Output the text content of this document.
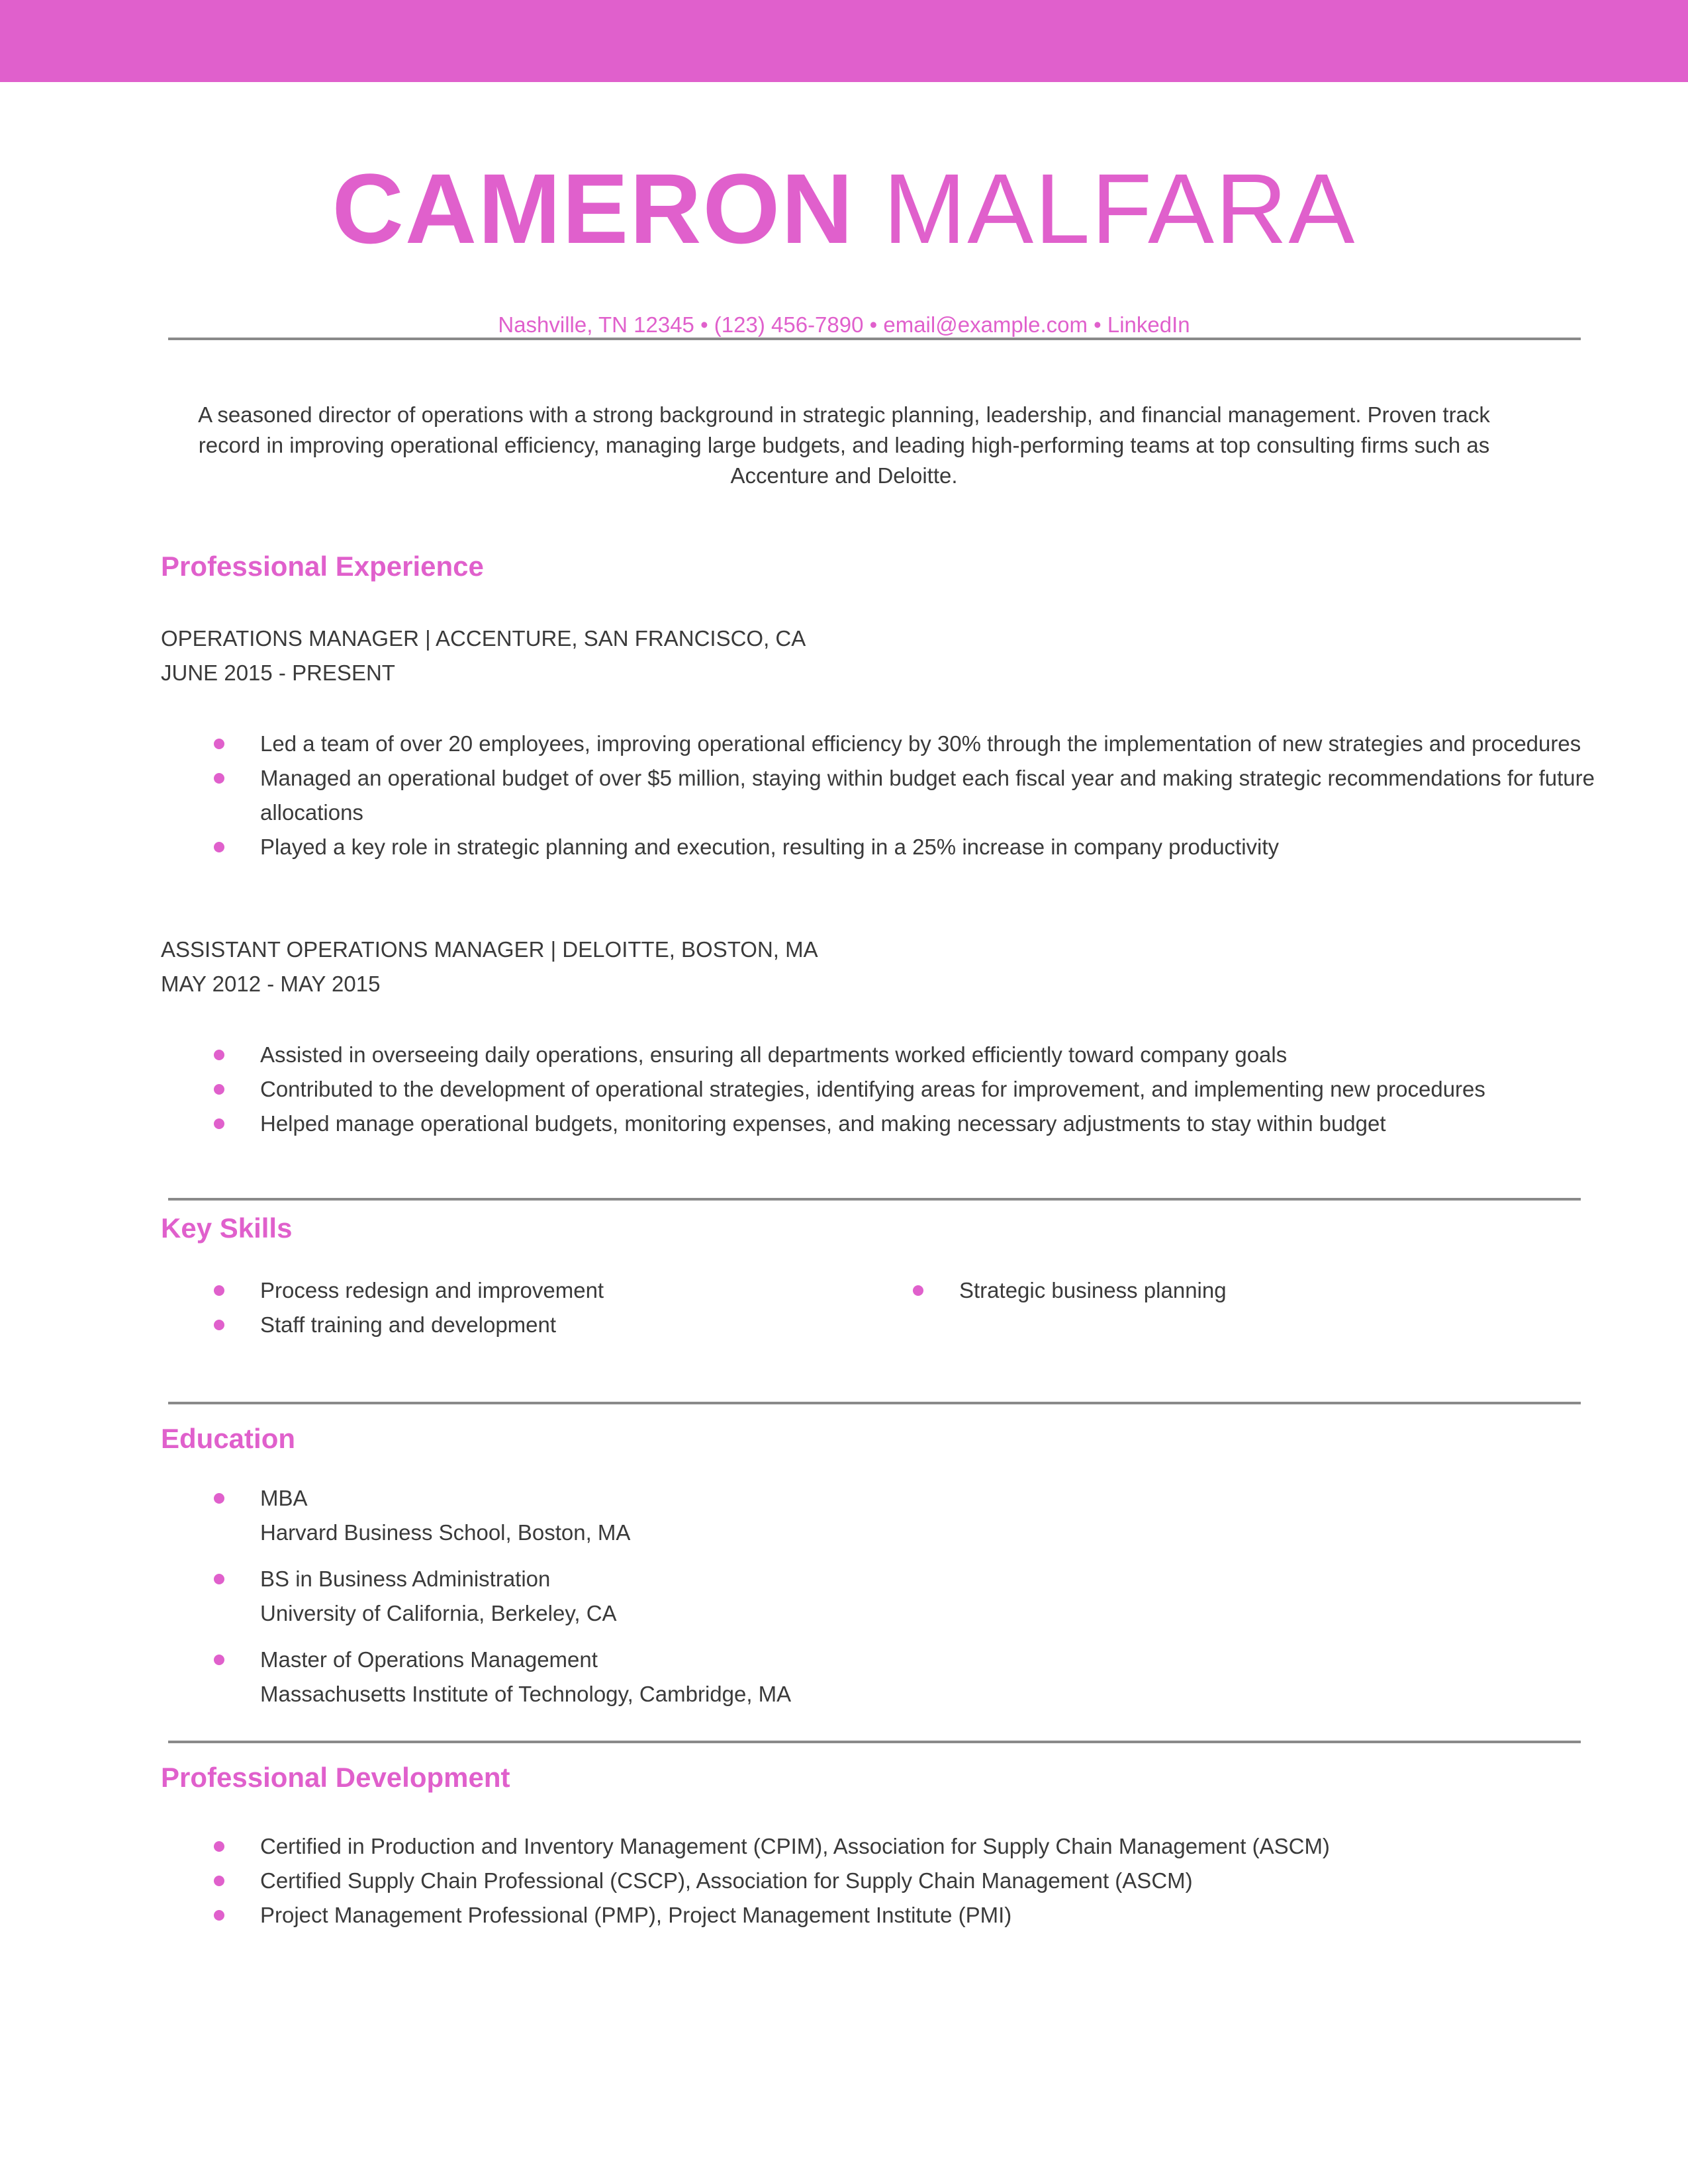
CAMERON MALFARA
Nashville, TN 12345 • (123) 456-7890 • email@example.com • LinkedIn
A seasoned director of operations with a strong background in strategic planning, leadership, and financial management. Proven track record in improving operational efficiency, managing large budgets, and leading high-performing teams at top consulting firms such as Accenture and Deloitte.
Professional Experience
OPERATIONS MANAGER | ACCENTURE, SAN FRANCISCO, CA
JUNE 2015 - PRESENT
Led a team of over 20 employees, improving operational efficiency by 30% through the implementation of new strategies and procedures
Managed an operational budget of over $5 million, staying within budget each fiscal year and making strategic recommendations for future allocations
Played a key role in strategic planning and execution, resulting in a 25% increase in company productivity
ASSISTANT OPERATIONS MANAGER | DELOITTE, BOSTON, MA
MAY 2012 - MAY 2015
Assisted in overseeing daily operations, ensuring all departments worked efficiently toward company goals
Contributed to the development of operational strategies, identifying areas for improvement, and implementing new procedures
Helped manage operational budgets, monitoring expenses, and making necessary adjustments to stay within budget
Key Skills
Process redesign and improvement
Staff training and development
Strategic business planning
Education
MBA
Harvard Business School, Boston, MA
BS in Business Administration
University of California, Berkeley, CA
Master of Operations Management
Massachusetts Institute of Technology, Cambridge, MA
Professional Development
Certified in Production and Inventory Management (CPIM), Association for Supply Chain Management (ASCM)
Certified Supply Chain Professional (CSCP), Association for Supply Chain Management (ASCM)
Project Management Professional (PMP), Project Management Institute (PMI)
